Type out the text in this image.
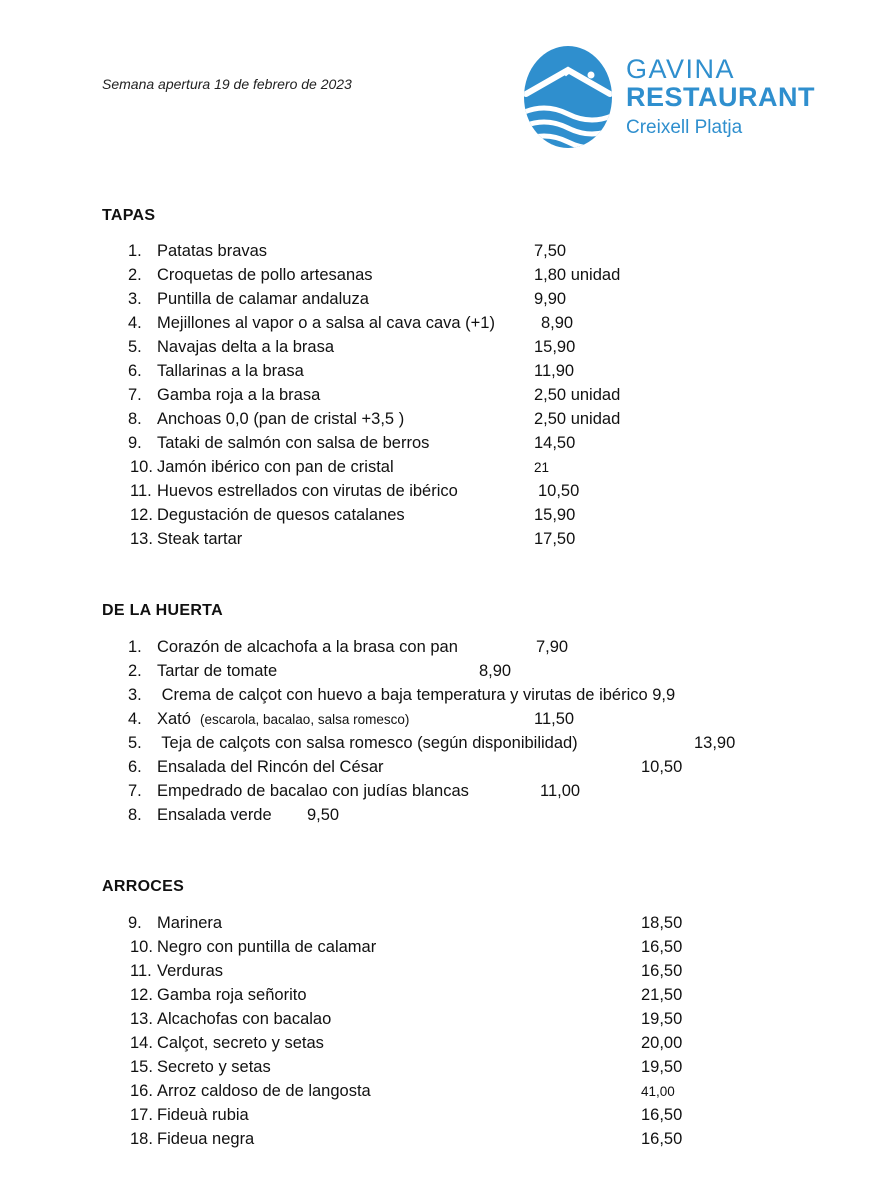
Semana apertura 19 de febrero de 2023	GAVINA
RESTAURANT
Creixell Platja
TAPAS
1. Patatas bravas	7,50
2. Croquetas de pollo artesanas	1,80 unidad
3. Puntilla de calamar andaluza	9,90
4. Mejillones al vapor o a salsa al cava cava (+1)	8,90
5. Navajas delta a la brasa	15,90
6. Tallarinas a la brasa	11,90
7. Gamba roja a la brasa	2,50 unidad
8. Anchoas 0,0 (pan de cristal +3,5 )	2,50 unidad
9. Tataki de salmón con salsa de berros	14,50
10. Jamón ibérico con pan de cristal	21
11. Huevos estrellados con virutas de ibérico	10,50
12. Degustación de quesos catalanes	15,90
13. Steak tartar	17,50
DE LA HUERTA
1. Corazón de alcachofa a la brasa con pan	7,90
2. Tartar de tomate	8,90
3. Crema de calçot con huevo a baja temperatura y virutas de ibérico 9,9
4. Xató (escarola, bacalao, salsa romesco)	11,50
5. Teja de calçots con salsa romesco (según disponibilidad)	13,90
6. Ensalada del Rincón del César	10,50
7. Empedrado de bacalao con judías blancas	11,00
8. Ensalada verde 9,50
ARROCES
9. Marinera	18,50
10. Negro con puntilla de calamar	16,50
11. Verduras	16,50
12. Gamba roja señorito	21,50
13. Alcachofas con bacalao	19,50
14. Calçot, secreto y setas	20,00
15. Secreto y setas	19,50
16. Arroz caldoso de de langosta	41,00
17. Fideuà rubia	16,50
18. Fideua negra	16,50
